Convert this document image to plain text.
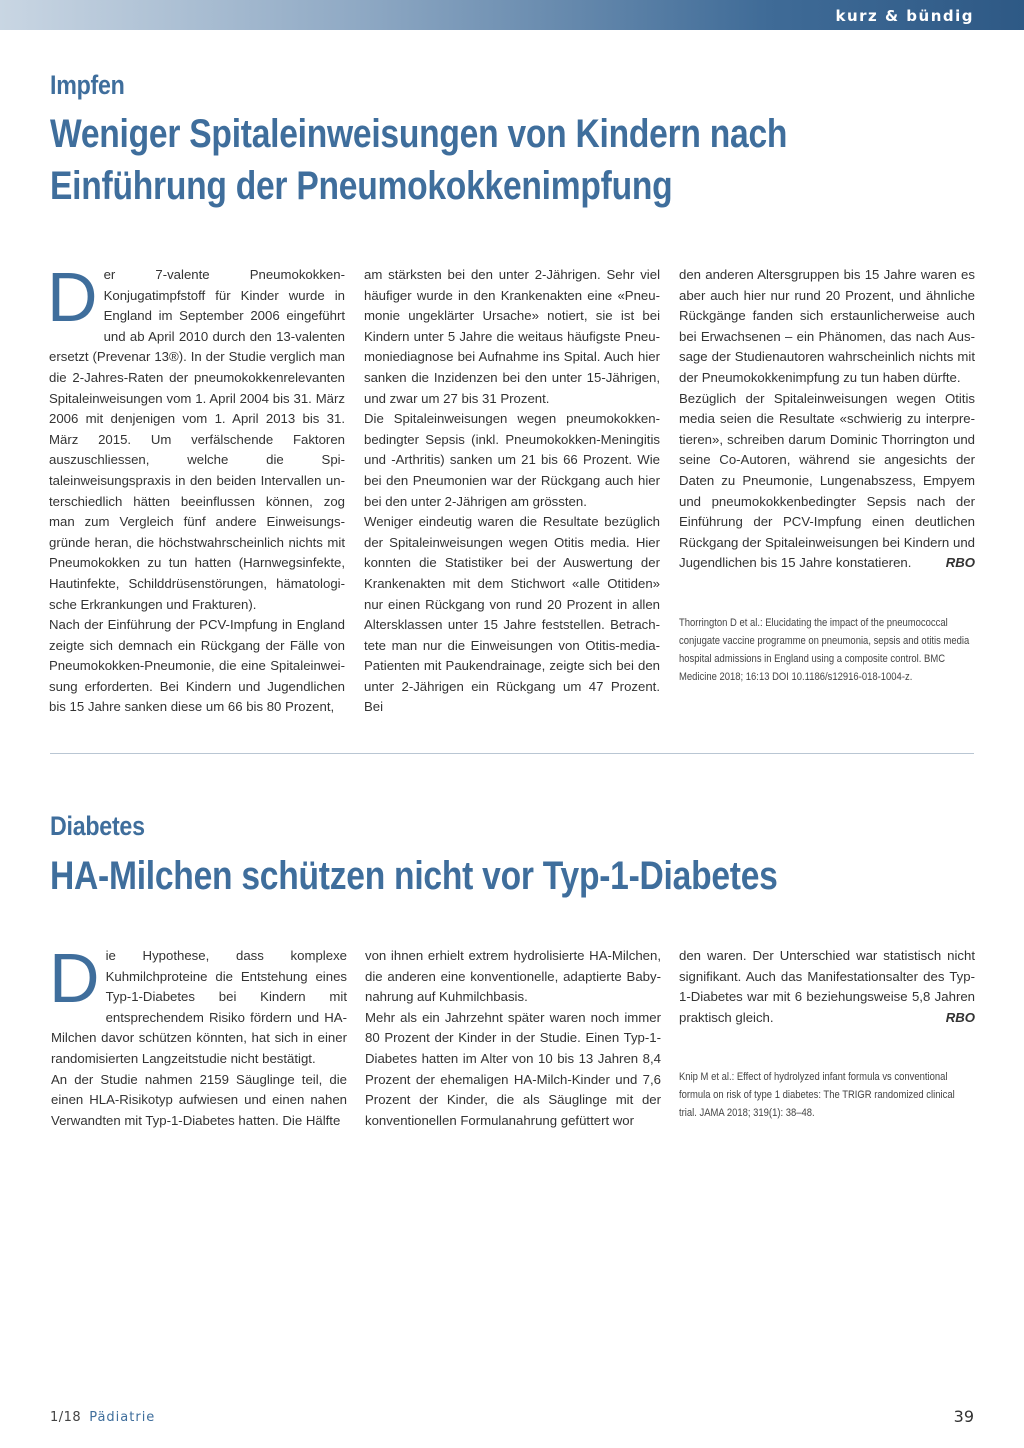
kurz & bündig
Impfen
Weniger Spitaleinweisungen von Kindern nach Einführung der Pneumokokkenimpfung
D er 7-valente Pneumokokken-Konjugatimpfstoff für Kinder wurde in England im September 2006 eingeführt und ab April 2010 durch den 13-valenten ersetzt (Prevenar 13®). In der Studie verglich man die 2-Jahres-Raten der pneumokokkenrelevanten Spitaleinweisungen vom 1. April 2004 bis 31. März 2006 mit denjenigen vom 1. April 2013 bis 31. März 2015. Um verfälschende Faktoren auszuschliessen, welche die Spitaleinweisungspraxis in den beiden Intervallen unterschiedlich hätten beeinflussen können, zog man zum Vergleich fünf andere Einweisungsgründe heran, die höchstwahrscheinlich nichts mit Pneumokokken zu tun hatten (Harnwegsinfekte, Hautinfekte, Schilddrüsenstörungen, hämatologische Erkrankungen und Frakturen).

Nach der Einführung der PCV-Impfung in England zeigte sich demnach ein Rückgang der Fälle von Pneumokokken-Pneumonie, die eine Spitaleinweisung erforderten. Bei Kindern und Jugendlichen bis 15 Jahre sanken diese um 66 bis 80 Prozent,

am stärksten bei den unter 2-Jährigen. Sehr viel häufiger wurde in den Krankenakten eine «Pneumonie ungeklärter Ursache» notiert, sie ist bei Kindern unter 5 Jahre die weitaus häufigste Pneumoniediagnose bei Aufnahme ins Spital. Auch hier sanken die Inzidenzen bei den unter 15-Jährigen, und zwar um 27 bis 31 Prozent.

Die Spitaleinweisungen wegen pneumokokkenbedingter Sepsis (inkl. Pneumokokken-Meningitis und -Arthritis) sanken um 21 bis 66 Prozent. Wie bei den Pneumonien war der Rückgang auch hier bei den unter 2-Jährigen am grössten.

Weniger eindeutig waren die Resultate bezüglich der Spitaleinweisungen wegen Otitis media. Hier konnten die Statistiker bei der Auswertung der Krankenakten mit dem Stichwort «alle Otitiden» nur einen Rückgang von rund 20 Prozent in allen Altersklassen unter 15 Jahre feststellen. Betrachtete man nur die Einweisungen von Otitis-media-Patienten mit Paukendrainage, zeigte sich bei den unter 2-Jährigen ein Rückgang um 47 Prozent. Bei

den anderen Altersgruppen bis 15 Jahre waren es aber auch hier nur rund 20 Prozent, und ähnliche Rückgänge fanden sich erstaunlicherweise auch bei Erwachsenen – ein Phänomen, das nach Aussage der Studienautoren wahrscheinlich nichts mit der Pneumokokkenimpfung zu tun haben dürfte.

Bezüglich der Spitaleinweisungen wegen Otitis media seien die Resultate «schwierig zu interpretieren», schreiben darum Dominic Thorrington und seine Co-Autoren, während sie angesichts der Daten zu Pneumonie, Lungenabszess, Empyem und pneumokokkenbedingter Sepsis nach der Einführung der PCV-Impfung einen deutlichen Rückgang der Spitaleinweisungen bei Kindern und Jugendlichen bis 15 Jahre konstatieren.	RBO

Thorrington D et al.: Elucidating the impact of the pneumococcal conjugate vaccine programme on pneumonia, sepsis and otitis media hospital admissions in England using a composite control. BMC Medicine 2018; 16:13 DOI 10.1186/s12916-018-1004-z.

Diabetes
HA-Milchen schützen nicht vor Typ-1-Diabetes
D ie Hypothese, dass komplexe Kuhmilchproteine die Entstehung eines Typ-1-Diabetes bei Kindern mit entsprechendem Risiko fördern und HA-Milchen davor schützen könnten, hat sich in einer randomisierten Langzeitstudie nicht bestätigt.

An der Studie nahmen 2159 Säuglinge teil, die einen HLA-Risikotyp aufwiesen und einen nahen Verwandten mit Typ-1-Diabetes hatten. Die Hälfte

von ihnen erhielt extrem hydrolisierte HA-Milchen, die anderen eine konventionelle, adaptierte Babynahrung auf Kuhmilchbasis.

Mehr als ein Jahrzehnt später waren noch immer 80 Prozent der Kinder in der Studie. Einen Typ-1-Diabetes hatten im Alter von 10 bis 13 Jahren 8,4 Prozent der ehemaligen HA-Milch-Kinder und 7,6 Prozent der Kinder, die als Säuglinge mit der konventionellen Formulanahrung gefüttert wor

den waren. Der Unterschied war statistisch nicht signifikant. Auch das Manifestationsalter des Typ-1-Diabetes war mit 6 beziehungsweise 5,8 Jahren praktisch gleich.	RBO

Knip M et al.: Effect of hydrolyzed infant formula vs conventional formula on risk of type 1 diabetes: The TRIGR randomized clinical trial. JAMA 2018; 319(1): 38–48.

1/18 Pädiatrie	39
